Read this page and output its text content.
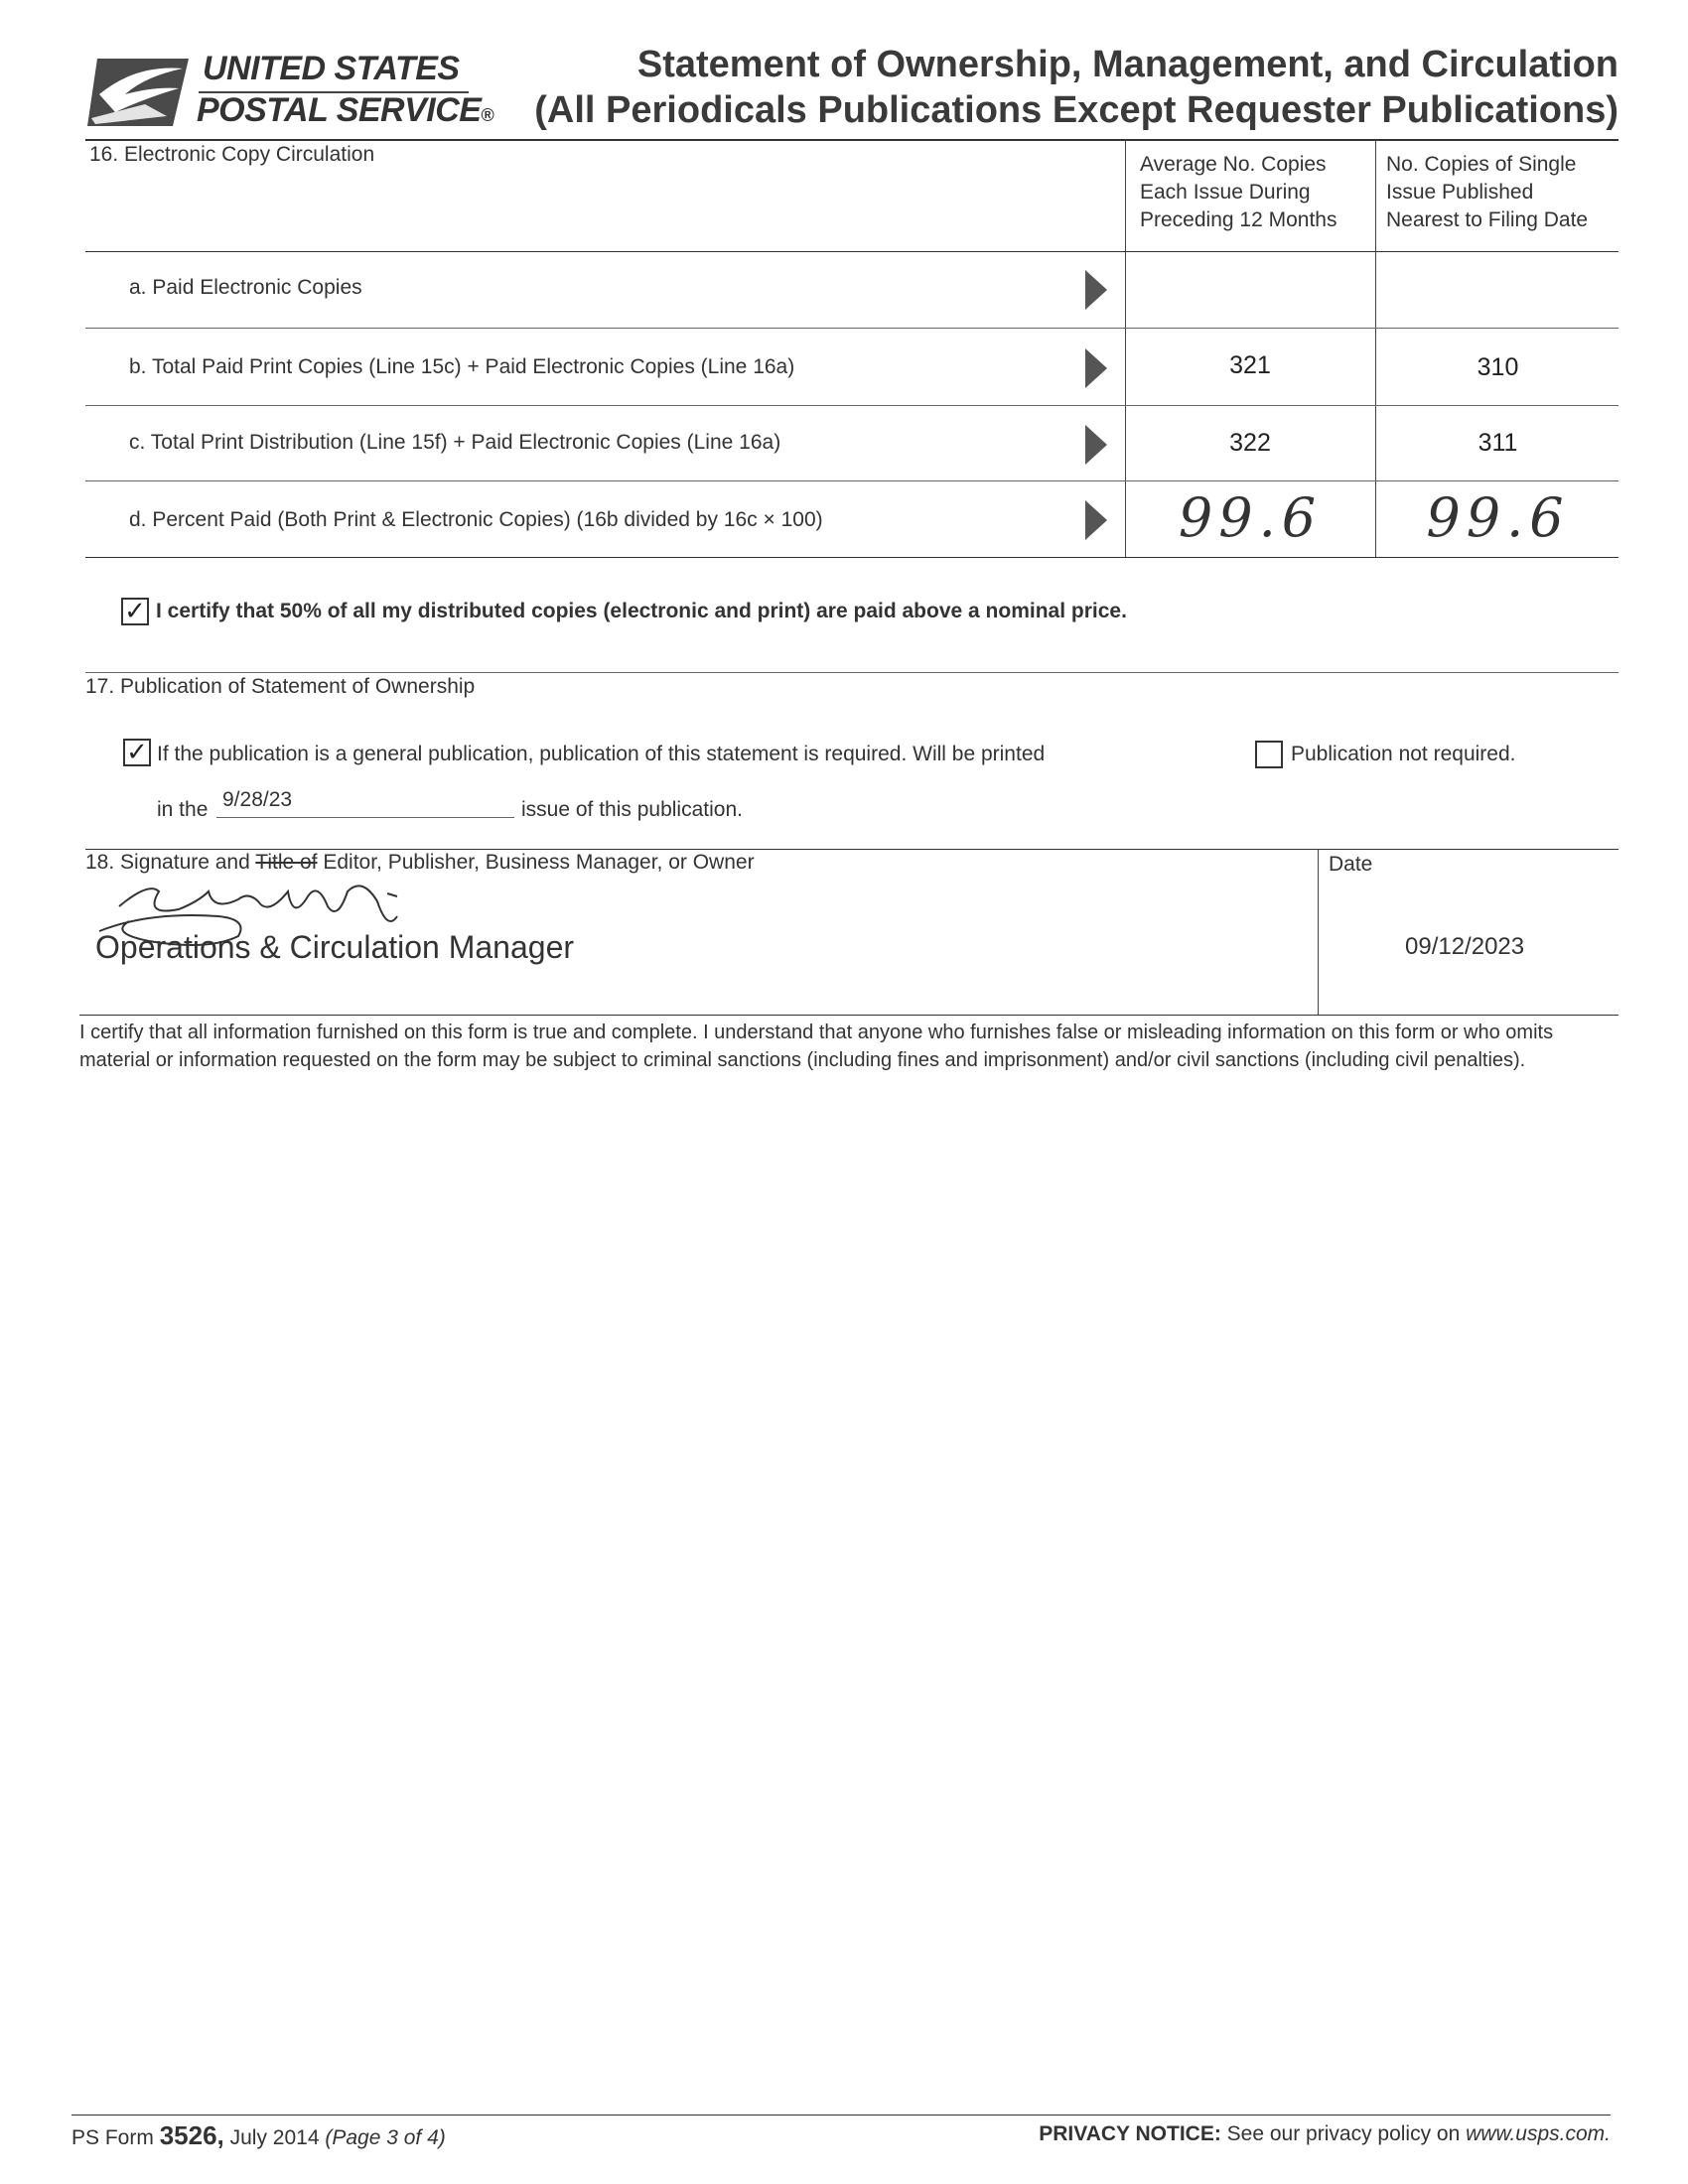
UNITED STATES
POSTAL SERVICE®
Statement of Ownership, Management, and Circulation
(All Periodicals Publications Except Requester Publications)
16. Electronic Copy Circulation	Average No. Copies
Each Issue During
Preceding 12 Months
No. Copies of Single
Issue Published
Nearest to Filing Date
a. Paid Electronic Copies
b. Total Paid Print Copies (Line 15c) + Paid Electronic Copies (Line 16a)	321	310
c. Total Print Distribution (Line 15f) + Paid Electronic Copies (Line 16a)	322	311
d. Percent Paid (Both Print & Electronic Copies) (16b divided by 16c × 100)	99.6	99.6
✓ I certify that 50% of all my distributed copies (electronic and print) are paid above a nominal price.
17. Publication of Statement of Ownership
✓ If the publication is a general publication, publication of this statement is required. Will be printed	Publication not required.
in the 9/28/23	issue of this publication.
18. Signature and Title of Editor, Publisher, Business Manager, or Owner	Date
Operations & Circulation Manager	09/12/2023
I certify that all information furnished on this form is true and complete. I understand that anyone who furnishes false or misleading information on this form or who omits material or information requested on the form may be subject to criminal sanctions (including fines and imprisonment) and/or civil sanctions (including civil penalties).
PS Form 3526, July 2014 (Page 3 of 4)	PRIVACY NOTICE: See our privacy policy on www.usps.com.
